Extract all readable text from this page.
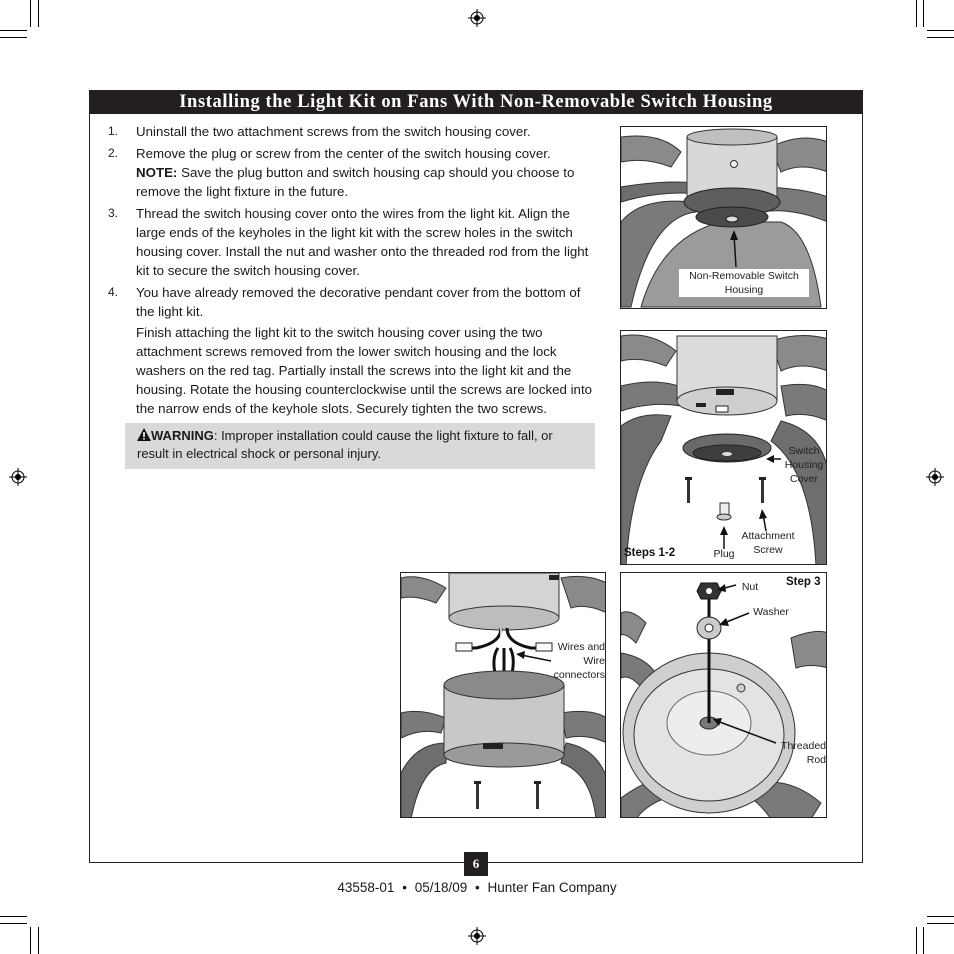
Installing the Light Kit on Fans With Non-Removable Switch Housing
1.	Uninstall the two attachment screws from the switch housing cover.
2.	Remove the plug or screw from the center of the switch housing cover.
NOTE: Save the plug button and switch housing cap should you choose to remove the light fixture in the future.
3.	Thread the switch housing cover onto the wires from the light kit. Align the large ends of the keyholes in the light kit with the screw holes in the switch housing cover. Install the nut and washer onto the threaded rod from the light kit to secure the switch housing cover.
4.	You have already removed the decorative pendant cover from the bottom of the light kit.
Finish attaching the light kit to the switch housing cover using the two attachment screws removed from the lower switch housing and the lock washers on the red tag. Partially install the screws into the light kit and the housing. Rotate the housing counterclockwise until the screws are locked into the narrow ends of the keyhole slots. Securely tighten the two screws.
WARNING: Improper installation could cause the light fixture to fall, or result in electrical shock or personal injury.
Non-Removable Switch Housing
Switch Housing Cover
Attachment Screw
Plug
Steps 1-2
Wires and Wire connectors
Step 3
Nut
Washer
Threaded Rod
6
43558-01 • 05/18/09 • Hunter Fan Company
